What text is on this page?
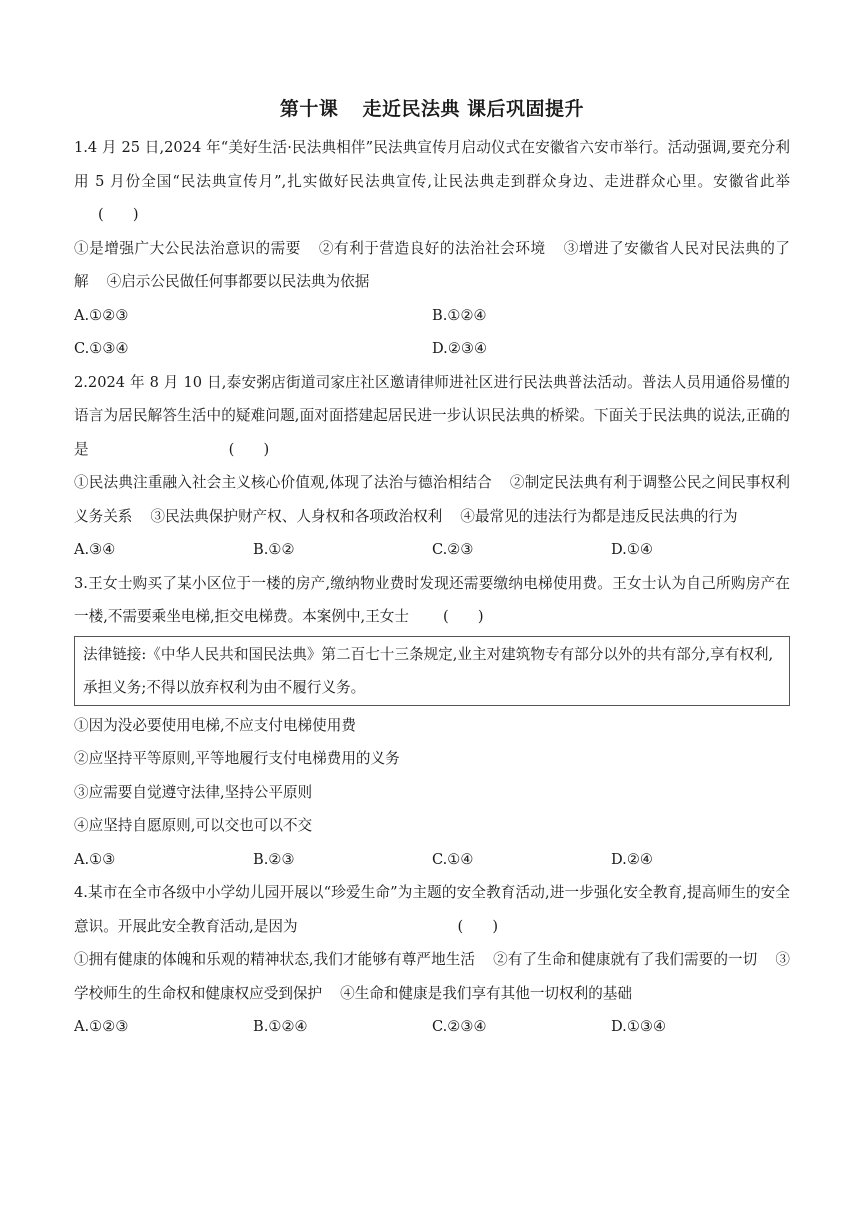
第十课 走近民法典 课后巩固提升

1.4 月 25 日,2024 年“美好生活·民法典相伴”民法典宣传月启动仪式在安徽省六安市举行。活动强调,要充分利用 5 月份全国“民法典宣传月”,扎实做好民法典宣传,让民法典走到群众身边、走进群众心里。安徽省此举(　　)

①是增强广大公民法治意识的需要 ②有利于营造良好的法治社会环境 ③增进了安徽省人民对民法典的了解 ④启示公民做任何事都要以民法典为依据

A.①②③	B.①②④
C.①③④	D.②③④

2.2024 年 8 月 10 日,泰安粥店街道司家庄社区邀请律师进社区进行民法典普法活动。普法人员用通俗易懂的语言为居民解答生活中的疑难问题,面对面搭建起居民进一步认识民法典的桥梁。下面关于民法典的说法,正确的是	(　　)

①民法典注重融入社会主义核心价值观,体现了法治与德治相结合 ②制定民法典有利于调整公民之间民事权利义务关系 ③民法典保护财产权、人身权和各项政治权利 ④最常见的违法行为都是违反民法典的行为

A.③④	B.①②	C.②③	D.①④

3.王女士购买了某小区位于一楼的房产,缴纳物业费时发现还需要缴纳电梯使用费。王女士认为自己所购房产在一楼,不需要乘坐电梯,拒交电梯费。本案例中,王女士 (　　)

法律链接:《中华人民共和国民法典》第二百七十三条规定,业主对建筑物专有部分以外的共有部分,享有权利,承担义务;不得以放弃权利为由不履行义务。

①因为没必要使用电梯,不应支付电梯使用费

②应坚持平等原则,平等地履行支付电梯费用的义务

③应需要自觉遵守法律,坚持公平原则

④应坚持自愿原则,可以交也可以不交

A.①③	B.②③	C.①④	D.②④

4.某市在全市各级中小学幼儿园开展以“珍爱生命”为主题的安全教育活动,进一步强化安全教育,提高师生的安全意识。开展此安全教育活动,是因为	(　　)

①拥有健康的体魄和乐观的精神状态,我们才能够有尊严地生活 ②有了生命和健康就有了我们需要的一切 ③学校师生的生命权和健康权应受到保护 ④生命和健康是我们享有其他一切权利的基础

A.①②③	B.①②④	C.②③④	D.①③④
